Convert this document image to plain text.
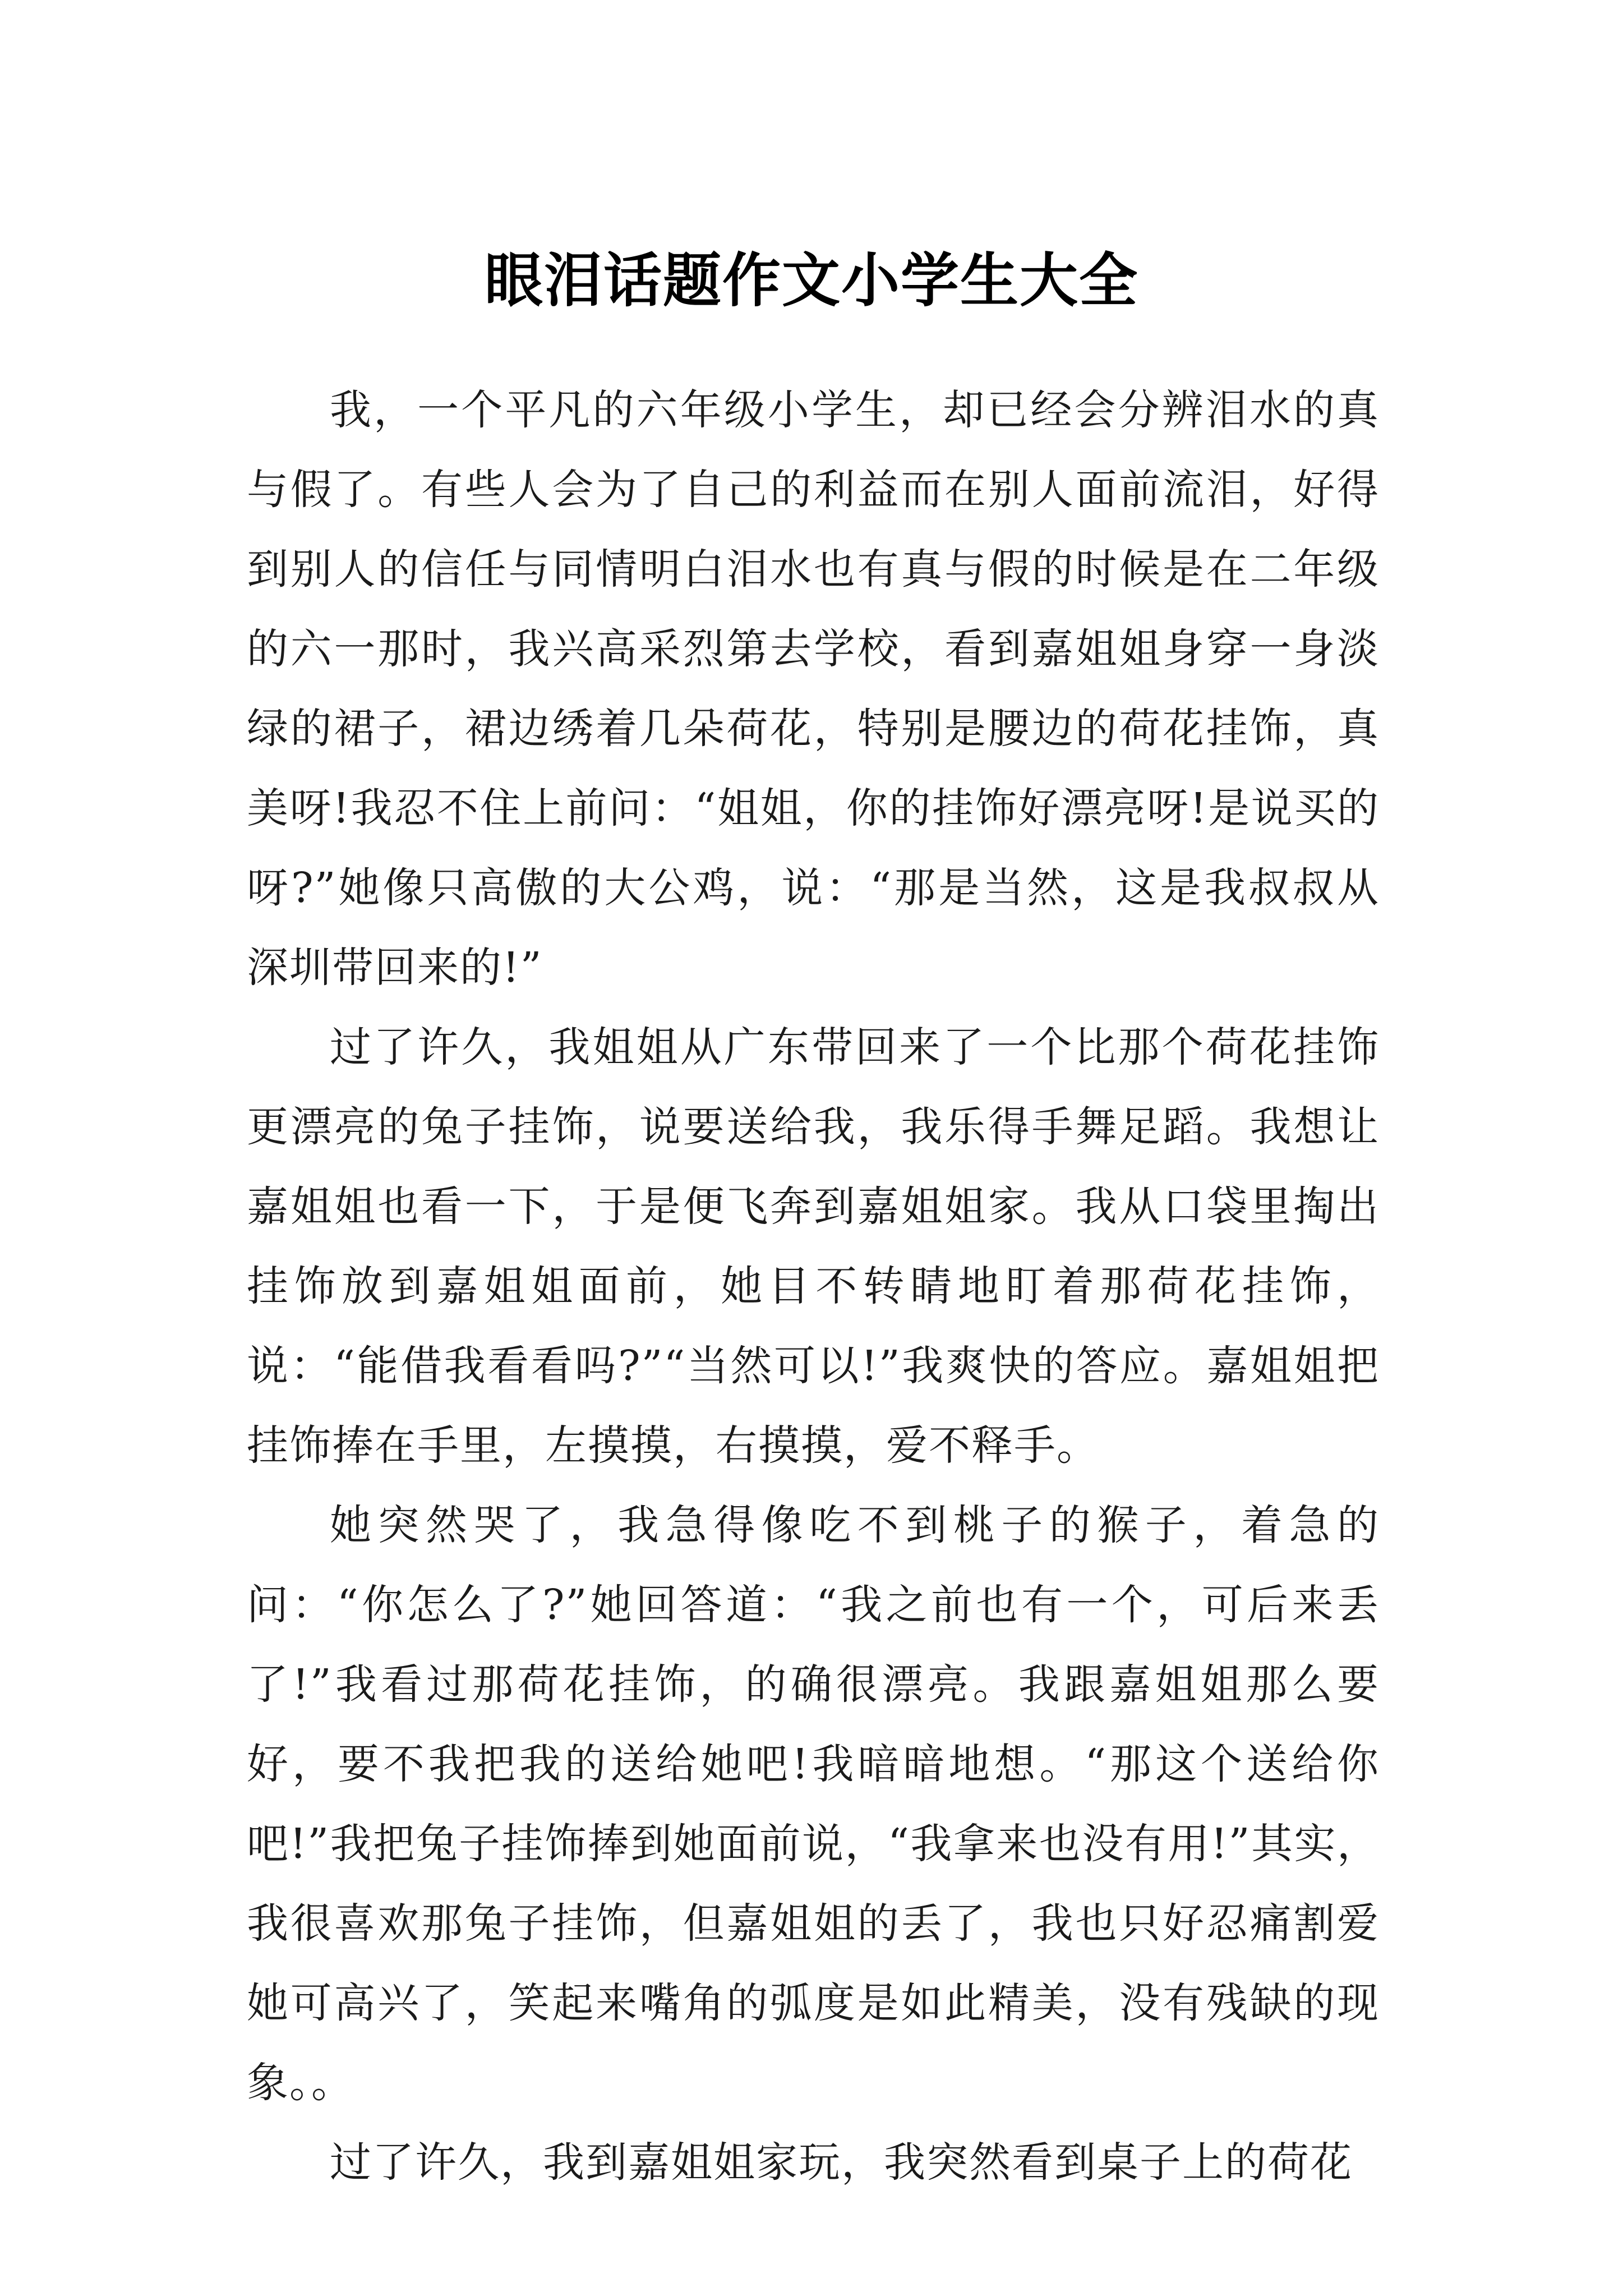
眼泪话题作文小学生大全

我，一个平凡的六年级小学生，却已经会分辨泪水的真与假了。有些人会为了自己的利益而在别人面前流泪，好得到别人的信任与同情明白泪水也有真与假的时候是在二年级的六一那时，我兴高采烈第去学校，看到嘉姐姐身穿一身淡绿的裙子，裙边绣着几朵荷花，特别是腰边的荷花挂饰，真美呀!我忍不住上前问：“姐姐，你的挂饰好漂亮呀!是说买的呀?”她像只高傲的大公鸡，说：“那是当然，这是我叔叔从深圳带回来的!”

过了许久，我姐姐从广东带回来了一个比那个荷花挂饰更漂亮的兔子挂饰，说要送给我，我乐得手舞足蹈。我想让嘉姐姐也看一下，于是便飞奔到嘉姐姐家。我从口袋里掏出挂饰放到嘉姐姐面前，她目不转睛地盯着那荷花挂饰，说：“能借我看看吗?”“当然可以!”我爽快的答应。嘉姐姐把挂饰捧在手里，左摸摸，右摸摸，爱不释手。

她突然哭了，我急得像吃不到桃子的猴子，着急的问：“你怎么了?”她回答道：“我之前也有一个，可后来丢了!”我看过那荷花挂饰，的确很漂亮。我跟嘉姐姐那么要好，要不我把我的送给她吧!我暗暗地想。“那这个送给你吧!”我把兔子挂饰捧到她面前说，“我拿来也没有用!”其实，我很喜欢那兔子挂饰，但嘉姐姐的丢了，我也只好忍痛割爱她可高兴了，笑起来嘴角的弧度是如此精美，没有残缺的现象。。

过了许久，我到嘉姐姐家玩，我突然看到桌子上的荷花
